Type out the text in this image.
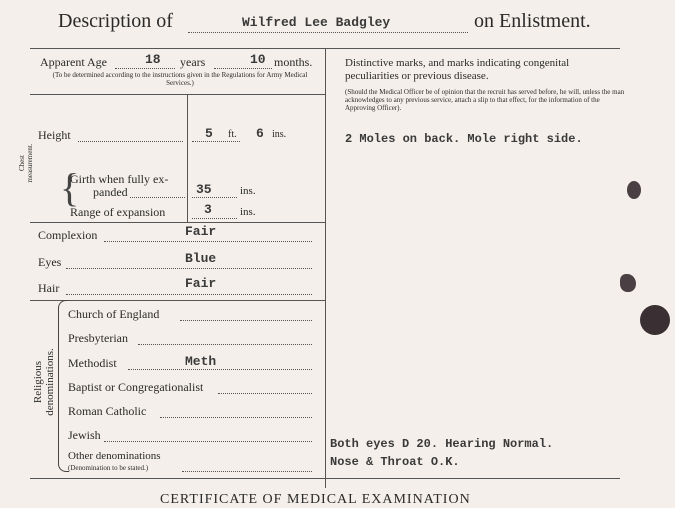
Description of	Wilfred Lee Badgley	on Enlistment.
Apparent Age	18 years	10 months.
(To be determined according to the instructions given in the Regulations for Army Medical Services.)
Height	5 ft. 6 ins.
Chest measurement.
{
Girth when fully ex-
panded	35	ins.
Range of expansion	3	ins.
Complexion	Fair
Eyes	Blue
Hair	Fair
Religious denominations.
Church of England
Presbyterian
Methodist	Meth
Baptist or Congregationalist
Roman Catholic
Jewish
Other denominations
(Denomination to be stated.)
Distinctive marks, and marks indicating congenital peculiarities or previous disease.
(Should the Medical Officer be of opinion that the recruit has served before, he will, unless the man acknowledges to any previous service, attach a slip to that effect, for the information of the Approving Officer).
2 Moles on back. Mole right side.
Both eyes D 20. Hearing Normal.
Nose & Throat O.K.
CERTIFICATE OF MEDICAL EXAMINATION
